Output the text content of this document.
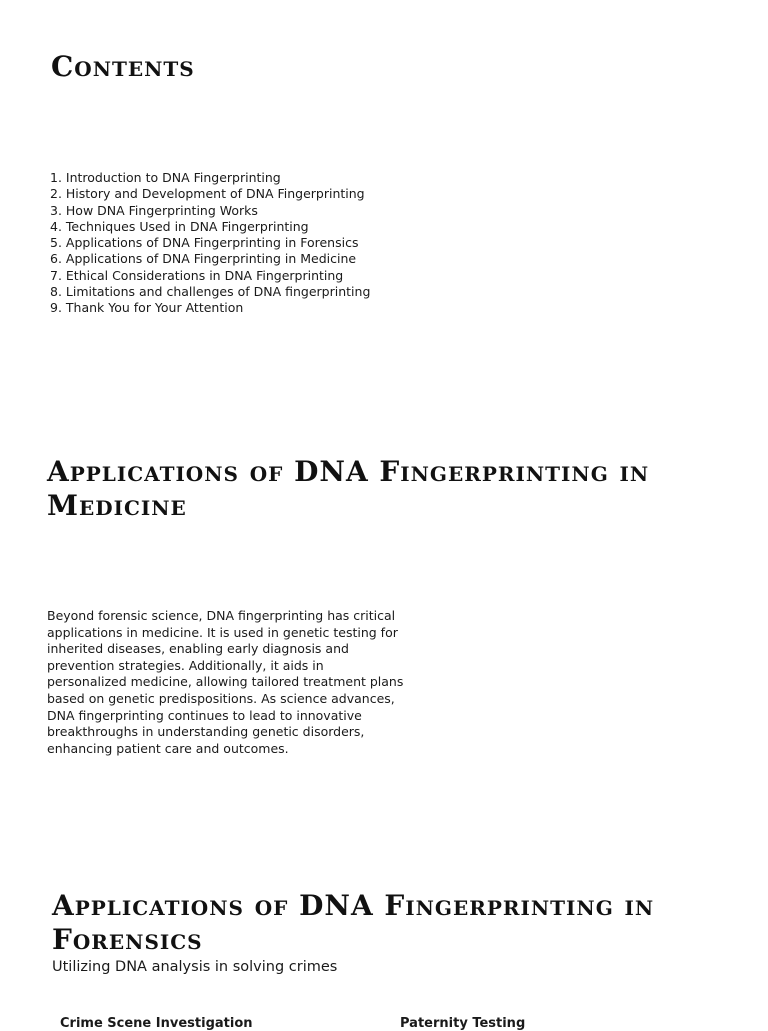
Contents
1. Introduction to DNA Fingerprinting
2. History and Development of DNA Fingerprinting
3. How DNA Fingerprinting Works
4. Techniques Used in DNA Fingerprinting
5. Applications of DNA Fingerprinting in Forensics
6. Applications of DNA Fingerprinting in Medicine
7. Ethical Considerations in DNA Fingerprinting
8. Limitations and challenges of DNA fingerprinting
9. Thank You for Your Attention
Applications of DNA Fingerprinting in Medicine

Beyond forensic science, DNA fingerprinting has critical applications in medicine. It is used in genetic testing for inherited diseases, enabling early diagnosis and prevention strategies. Additionally, it aids in personalized medicine, allowing tailored treatment plans based on genetic predispositions. As science advances, DNA fingerprinting continues to lead to innovative breakthroughs in understanding genetic disorders, enhancing patient care and outcomes.

Applications of DNA Fingerprinting in Forensics

Utilizing DNA analysis in solving crimes

Crime Scene Investigation	Paternity Testing
